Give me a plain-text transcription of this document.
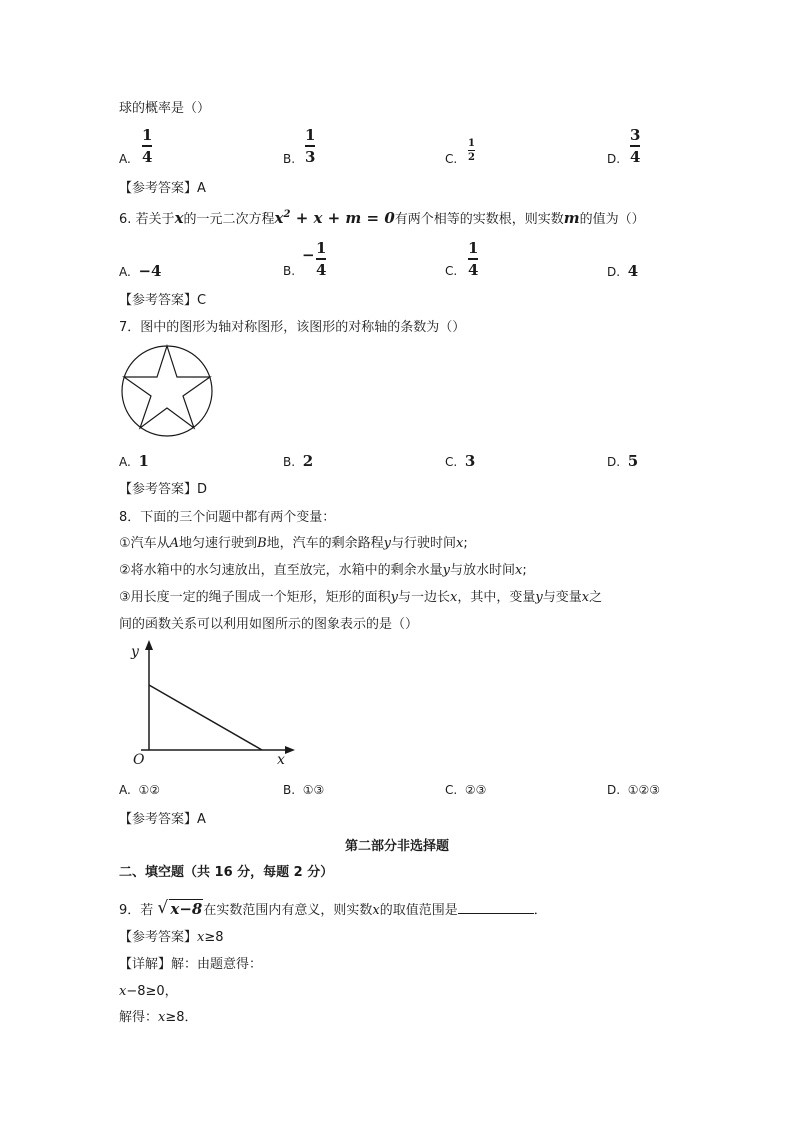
球的概率是（）
A.
1
4	B.
1
3	C.
1
2	D.
3
4
【参考答案】A
6. 若关于x的一元二次方程$x^2 + x + m = 0$有两个相等的实数根，则实数m的值为（）
A. −4	B.
− 1
4	C.
1
4	D. 4
【参考答案】C
7．图中的图形为轴对称图形，该图形的对称轴的条数为（）
A. 1	B. 2	C. 3	D. 5
【参考答案】D
8．下面的三个问题中都有两个变量：
①汽车从A地匀速行驶到B地，汽车的剩余路程y与行驶时间x;
②将水箱中的水匀速放出，直至放完，水箱中的剩余水量y与放水时间x;
③用长度一定的绳子围成一个矩形，矩形的面积y与一边长x，其中，变量y与变量x之
间的函数关系可以利用如图所示的图象表示的是（）
y
x
O
A. ①②	B. ①③	C. ②③	D. ①②③
【参考答案】A
第二部分非选择题
二、填空题（共 16 分，每题 2 分）
9．若 √ x−8在实数范围内有意义，则实数x的取值范围是	．
【参考答案】x≥8
【详解】解：由题意得：
x−8≥0，
解得：x≥8．
